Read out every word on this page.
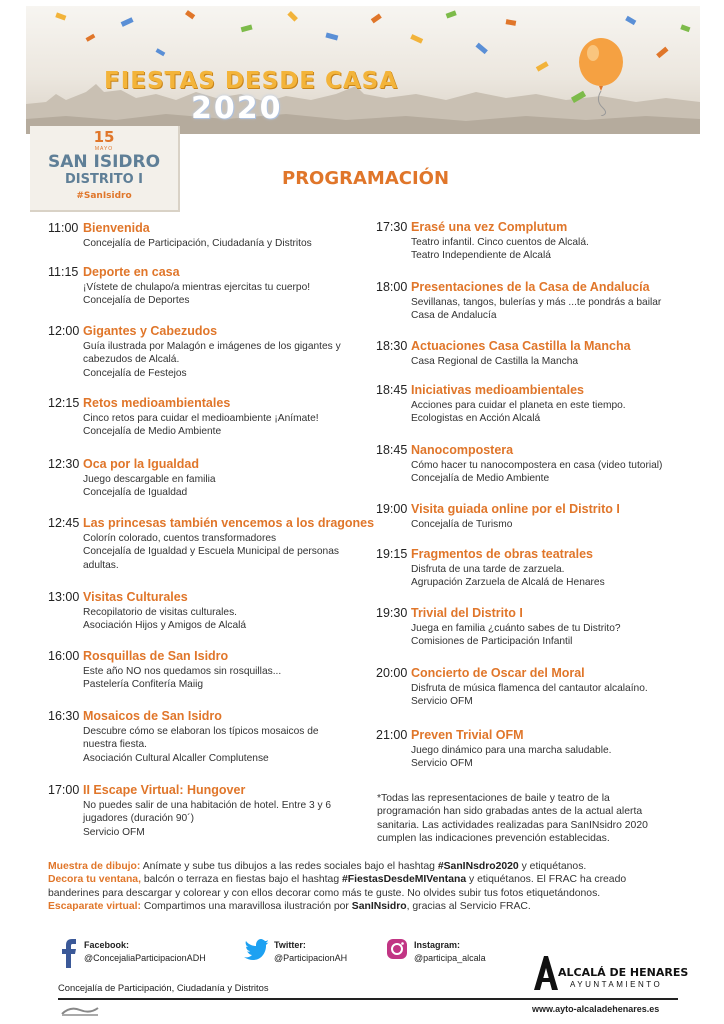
FIESTAS DESDE CASA
2020
15
MAYO
SAN ISIDRO
DISTRITO I
#SanIsidro
PROGRAMACIÓN
11:00 Bienvenida
Concejalía de Participación, Ciudadanía y Distritos
11:15 Deporte en casa
¡Vístete de chulapo/a mientras ejercitas tu cuerpo!
Concejalía de Deportes
12:00 Gigantes y Cabezudos
Guía ilustrada por Malagón e imágenes de los gigantes y
cabezudos de Alcalá.
Concejalía de Festejos
12:15 Retos medioambientales
Cinco retos para cuidar el medioambiente ¡Anímate!
Concejalía de Medio Ambiente
12:30 Oca por la Igualdad
Juego descargable en familia
Concejalía de Igualdad
12:45 Las princesas también vencemos a los dragones
Colorín colorado, cuentos transformadores
Concejalía de Igualdad y Escuela Municipal de personas
adultas.
13:00 Visitas Culturales
Recopilatorio de visitas culturales.
Asociación Hijos y Amigos de Alcalá
16:00 Rosquillas de San Isidro
Este año NO nos quedamos sin rosquillas...
Pastelería Confitería Maiig
16:30 Mosaicos de San Isidro
Descubre cómo se elaboran los típicos mosaicos de
nuestra fiesta.
Asociación Cultural Alcaller Complutense
17:00 II Escape Virtual: Hungover
No puedes salir de una habitación de hotel. Entre 3 y 6
jugadores (duración 90´)
Servicio OFM
17:30 Erasé una vez Complutum
Teatro infantil. Cinco cuentos de Alcalá.
Teatro Independiente de Alcalá
18:00 Presentaciones de la Casa de Andalucía
Sevillanas, tangos, bulerías y más ...te pondrás a bailar
Casa de Andalucía
18:30 Actuaciones Casa Castilla la Mancha
Casa Regional de Castilla la Mancha
18:45 Iniciativas medioambientales
Acciones para cuidar el planeta en este tiempo.
Ecologistas en Acción Alcalá
18:45 Nanocompostera
Cómo hacer tu nanocompostera en casa (video tutorial)
Concejalía de Medio Ambiente
19:00 Visita guiada online por el Distrito I
Concejalía de Turismo
19:15 Fragmentos de obras teatrales
Disfruta de una tarde de zarzuela.
Agrupación Zarzuela de Alcalá de Henares
19:30 Trivial del Distrito I
Juega en familia ¿cuánto sabes de tu Distrito?
Comisiones de Participación Infantil
20:00 Concierto de Oscar del Moral
Disfruta de música flamenca del cantautor alcalaíno.
Servicio OFM
21:00 Preven Trivial OFM
Juego dinámico para una marcha saludable.
Servicio OFM
*Todas las representaciones de baile y teatro de la
programación han sido grabadas antes de la actual alerta
sanitaria. Las actividades realizadas para SanINsidro 2020
cumplen las indicaciones prevención establecidas.
Muestra de dibujo: Anímate y sube tus dibujos a las redes sociales bajo el hashtag #SanINsdro2020 y etiquétanos.
Decora tu ventana, balcón o terraza en fiestas bajo el hashtag #FiestasDesdeMIVentana y etiquétanos. El FRAC ha creado
banderines para descargar y colorear y con ellos decorar como más te guste. No olvides subir tus fotos etiquetándonos.
Escaparate virtual: Compartimos una maravillosa ilustración por SanINsidro, gracias al Servicio FRAC.
Facebook:
@ConcejaliaParticipacionADH
Twitter:
@ParticipacionAH
Instagram:
@participa_alcala
ALCALÁ DE HENARES
AYUNTAMIENTO
Concejalía de Participación, Ciudadanía y Distritos
www.ayto-alcaladehenares.es
